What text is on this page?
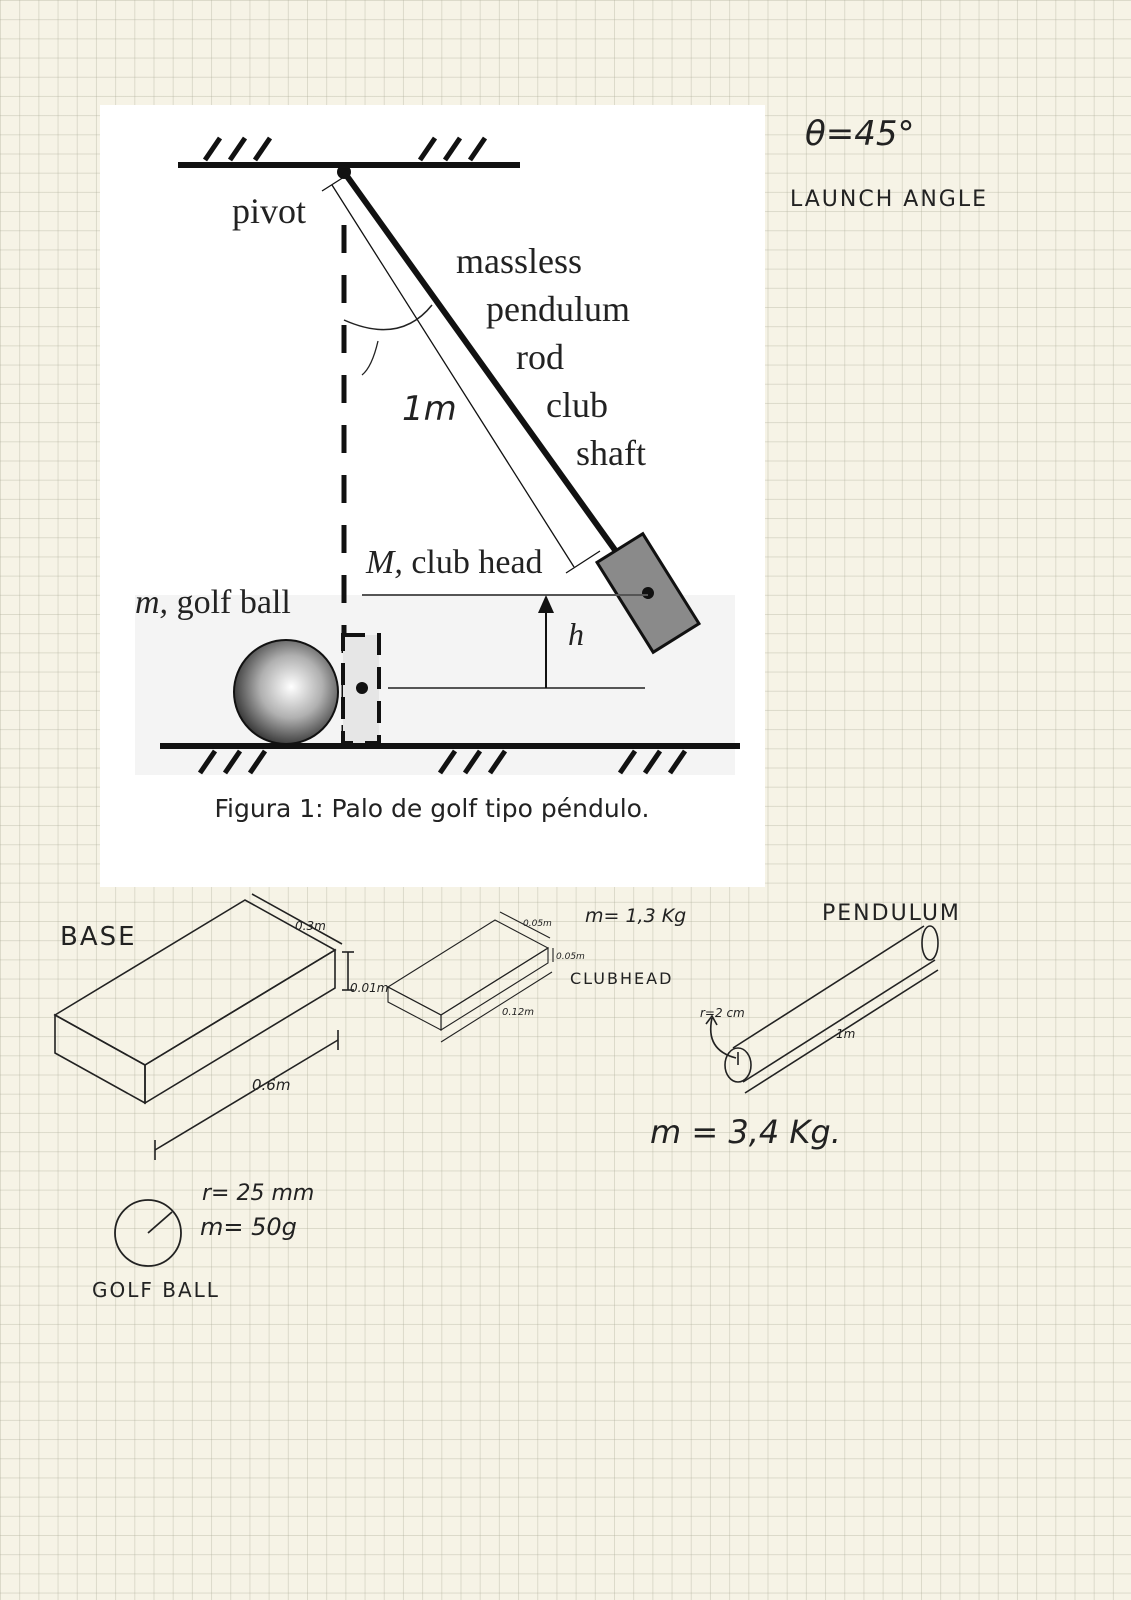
pivot
massless
pendulum
rod
club
shaft
1m
M, club head
m, golf ball
h
Figura 1: Palo de golf tipo péndulo.
θ=45°
LAUNCH ANGLE
BASE	0.3m
0.01m
0.6m
0.05m
0.05m
0.12m
m= 1,3 Kg
CLUBHEAD
PENDULUM
r=2 cm
1m
m = 3,4 Kg.
r= 25 mm
m= 50g
GOLF BALL
